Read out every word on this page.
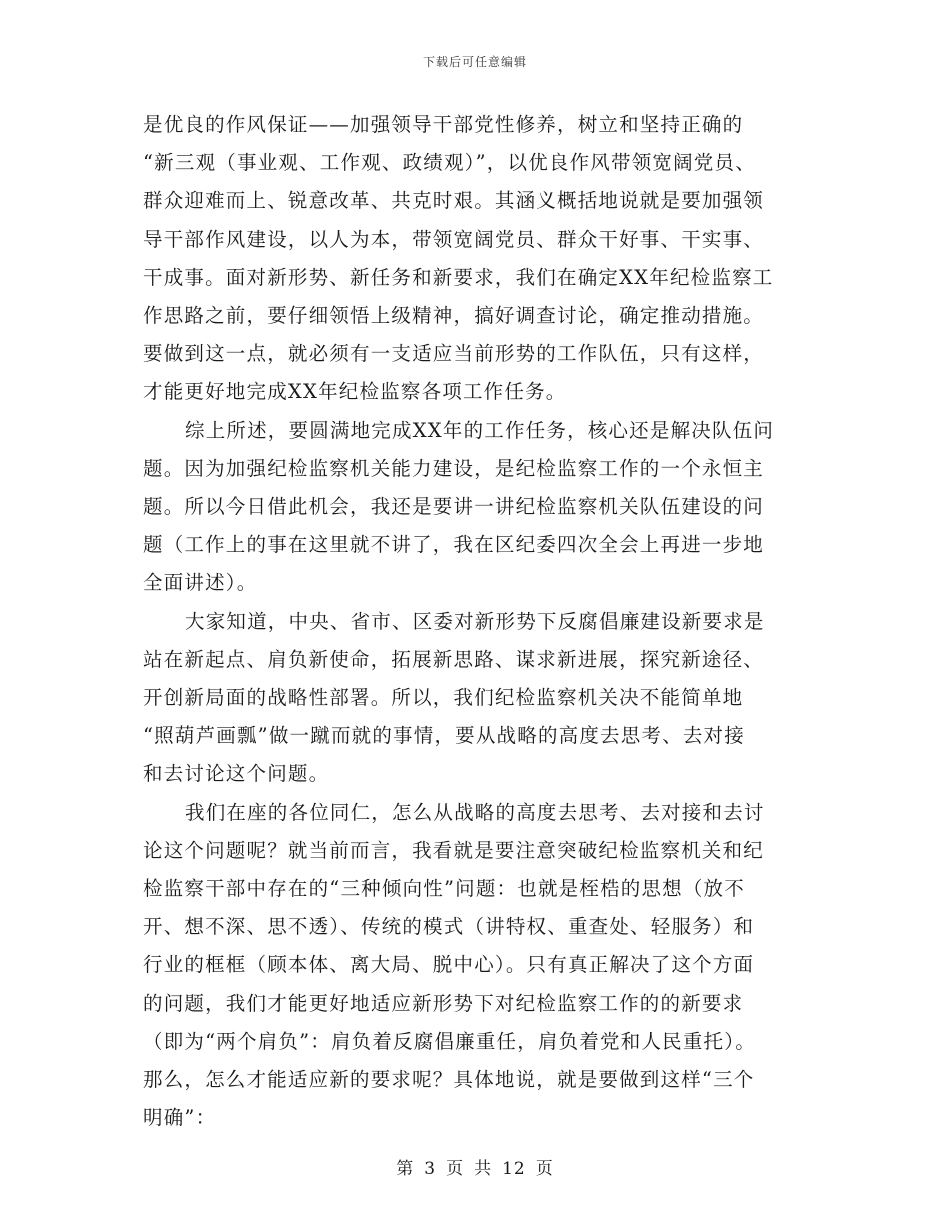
下载后可任意编辑
是优良的作风保证——加强领导干部党性修养，树立和坚持正确的
“新三观（事业观、工作观、政绩观）”，以优良作风带领宽阔党员、
群众迎难而上、锐意改革、共克时艰。其涵义概括地说就是要加强领
导干部作风建设，以人为本，带领宽阔党员、群众干好事、干实事、
干成事。面对新形势、新任务和新要求，我们在确定XX年纪检监察工
作思路之前，要仔细领悟上级精神，搞好调查讨论，确定推动措施。
要做到这一点，就必须有一支适应当前形势的工作队伍，只有这样，
才能更好地完成XX年纪检监察各项工作任务。
综上所述，要圆满地完成XX年的工作任务，核心还是解决队伍问
题。因为加强纪检监察机关能力建设，是纪检监察工作的一个永恒主
题。所以今日借此机会，我还是要讲一讲纪检监察机关队伍建设的问
题（工作上的事在这里就不讲了，我在区纪委四次全会上再进一步地
全面讲述）。
大家知道，中央、省市、区委对新形势下反腐倡廉建设新要求是
站在新起点、肩负新使命，拓展新思路、谋求新进展，探究新途径、
开创新局面的战略性部署。所以，我们纪检监察机关决不能简单地
“照葫芦画瓢”做一蹴而就的事情，要从战略的高度去思考、去对接
和去讨论这个问题。
我们在座的各位同仁，怎么从战略的高度去思考、去对接和去讨
论这个问题呢？就当前而言，我看就是要注意突破纪检监察机关和纪
检监察干部中存在的“三种倾向性”问题：也就是桎梏的思想（放不
开、想不深、思不透）、传统的模式（讲特权、重查处、轻服务）和
行业的框框（顾本体、离大局、脱中心）。只有真正解决了这个方面
的问题，我们才能更好地适应新形势下对纪检监察工作的的新要求
（即为“两个肩负”：肩负着反腐倡廉重任，肩负着党和人民重托）。
那么，怎么才能适应新的要求呢？具体地说，就是要做到这样“三个
明确”：
第 3 页 共 12 页
